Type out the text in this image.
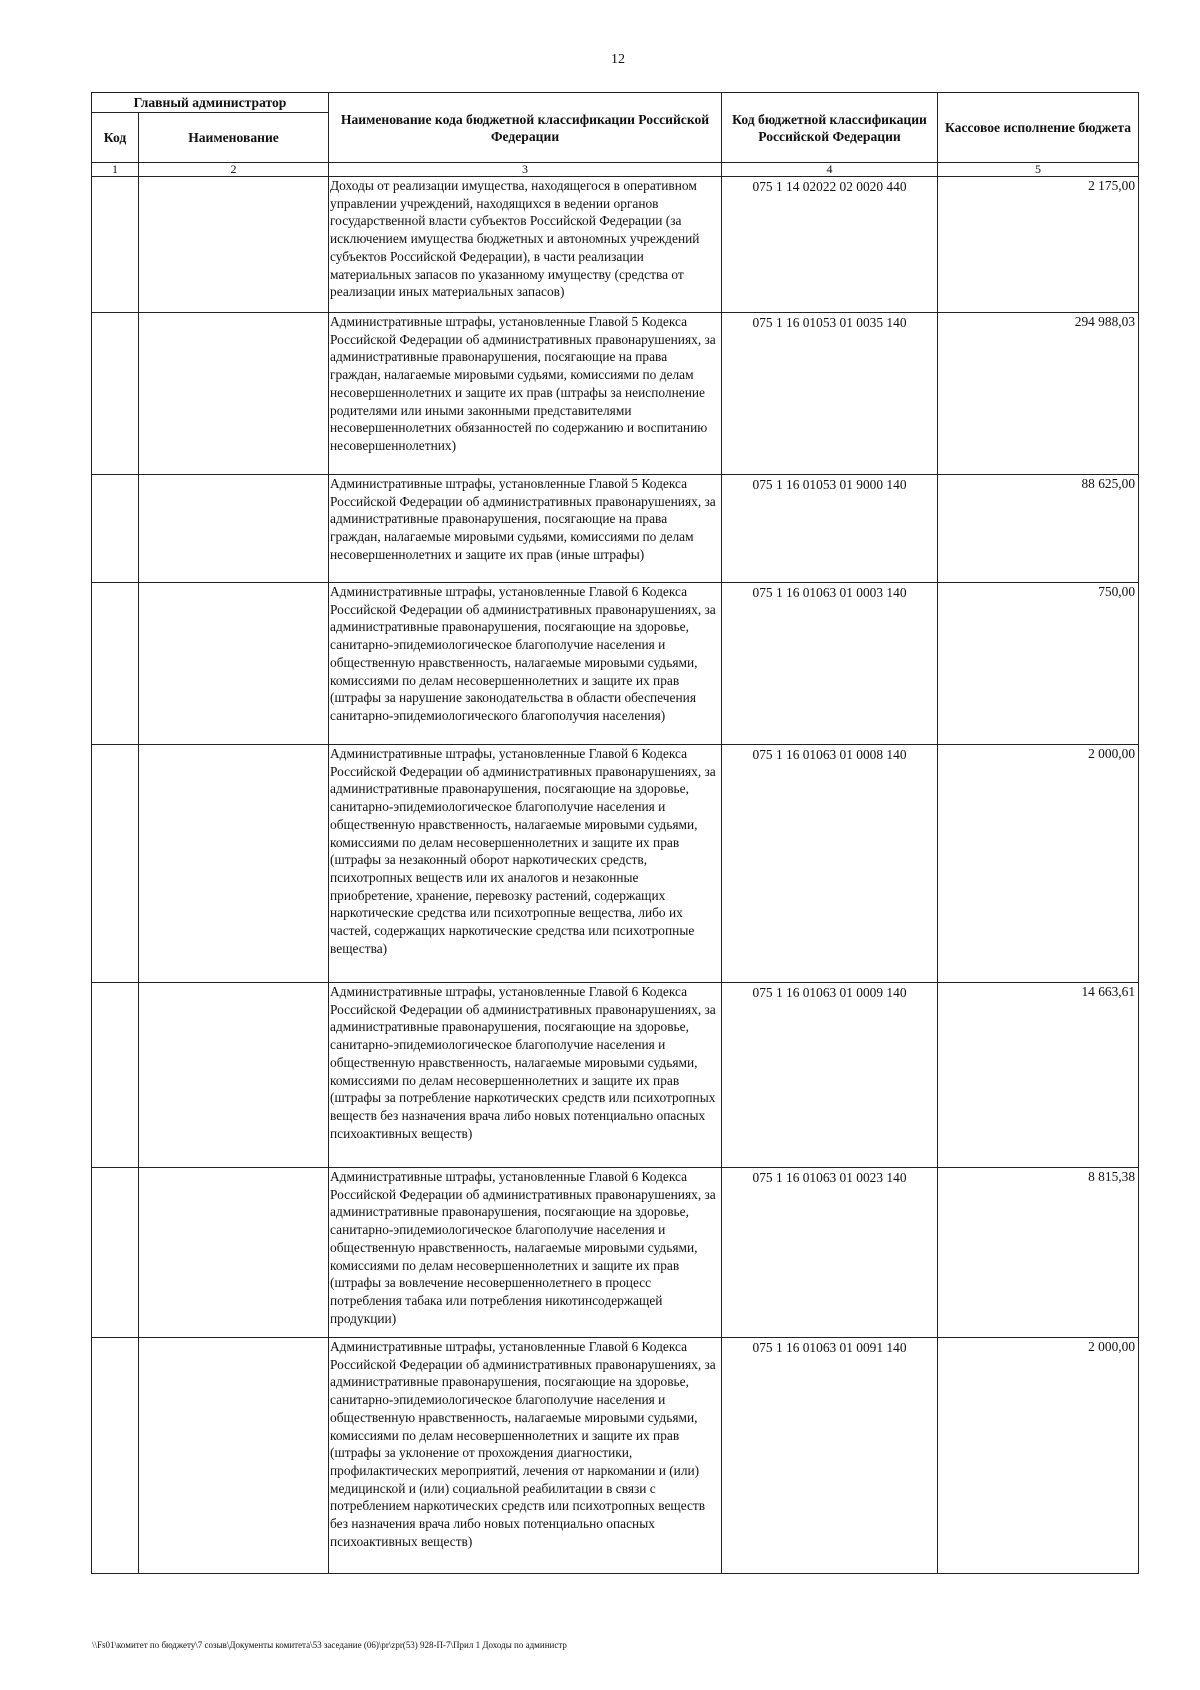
12
Главный администратор		Наименование кода бюджетной классификации Российской Федерации	Код бюджетной классификации Российской Федерации	Кассовое исполнение бюджета
Код	Наименование			
1	2	3	4	5
		Доходы от реализации имущества, находящегося в оперативном управлении учреждений, находящихся в ведении органов государственной власти субъектов Российской Федерации (за исключением имущества бюджетных и автономных учреждений субъектов Российской Федерации), в части реализации материальных запасов по указанному имуществу (средства от реализации иных материальных запасов)	075 1 14 02022 02 0020 440	2 175,00
		Административные штрафы, установленные Главой 5 Кодекса Российской Федерации об административных правонарушениях, за административные правонарушения, посягающие на права граждан, налагаемые мировыми судьями, комиссиями по делам несовершеннолетних и защите их прав (штрафы за неисполнение родителями или иными законными представителями несовершеннолетних обязанностей по содержанию и воспитанию несовершеннолетних)	075 1 16 01053 01 0035 140	294 988,03
		Административные штрафы, установленные Главой 5 Кодекса Российской Федерации об административных правонарушениях, за административные правонарушения, посягающие на права граждан, налагаемые мировыми судьями, комиссиями по делам несовершеннолетних и защите их прав (иные штрафы)	075 1 16 01053 01 9000 140	88 625,00
		Административные штрафы, установленные Главой 6 Кодекса Российской Федерации об административных правонарушениях, за административные правонарушения, посягающие на здоровье, санитарно-эпидемиологическое благополучие населения и общественную нравственность, налагаемые мировыми судьями, комиссиями по делам несовершеннолетних и защите их прав (штрафы за нарушение законодательства в области обеспечения санитарно-эпидемиологического благополучия населения)	075 1 16 01063 01 0003 140	750,00
		Административные штрафы, установленные Главой 6 Кодекса Российской Федерации об административных правонарушениях, за административные правонарушения, посягающие на здоровье, санитарно-эпидемиологическое благополучие населения и общественную нравственность, налагаемые мировыми судьями, комиссиями по делам несовершеннолетних и защите их прав (штрафы за незаконный оборот наркотических средств, психотропных веществ или их аналогов и незаконные приобретение, хранение, перевозку растений, содержащих наркотические средства или психотропные вещества, либо их частей, содержащих наркотические средства или психотропные вещества)	075 1 16 01063 01 0008 140	2 000,00
		Административные штрафы, установленные Главой 6 Кодекса Российской Федерации об административных правонарушениях, за административные правонарушения, посягающие на здоровье, санитарно-эпидемиологическое благополучие населения и общественную нравственность, налагаемые мировыми судьями, комиссиями по делам несовершеннолетних и защите их прав (штрафы за потребление наркотических средств или психотропных веществ без назначения врача либо новых потенциально опасных психоактивных веществ)	075 1 16 01063 01 0009 140	14 663,61
		Административные штрафы, установленные Главой 6 Кодекса Российской Федерации об административных правонарушениях, за административные правонарушения, посягающие на здоровье, санитарно-эпидемиологическое благополучие населения и общественную нравственность, налагаемые мировыми судьями, комиссиями по делам несовершеннолетних и защите их прав (штрафы за вовлечение несовершеннолетнего в процесс потребления табака или потребления никотинсодержащей продукции)	075 1 16 01063 01 0023 140	8 815,38
		Административные штрафы, установленные Главой 6 Кодекса Российской Федерации об административных правонарушениях, за административные правонарушения, посягающие на здоровье, санитарно-эпидемиологическое благополучие населения и общественную нравственность, налагаемые мировыми судьями, комиссиями по делам несовершеннолетних и защите их прав (штрафы за уклонение от прохождения диагностики, профилактических мероприятий, лечения от наркомании и (или) медицинской и (или) социальной реабилитации в связи с потреблением наркотических средств или психотропных веществ без назначения врача либо новых потенциально опасных психоактивных веществ)	075 1 16 01063 01 0091 140	2 000,00
\\Fs01\комитет по бюджету\7 созыв\Документы комитета\53 заседание (06)\pr\zpr(53) 928-П-7\Прил 1 Доходы по администр
